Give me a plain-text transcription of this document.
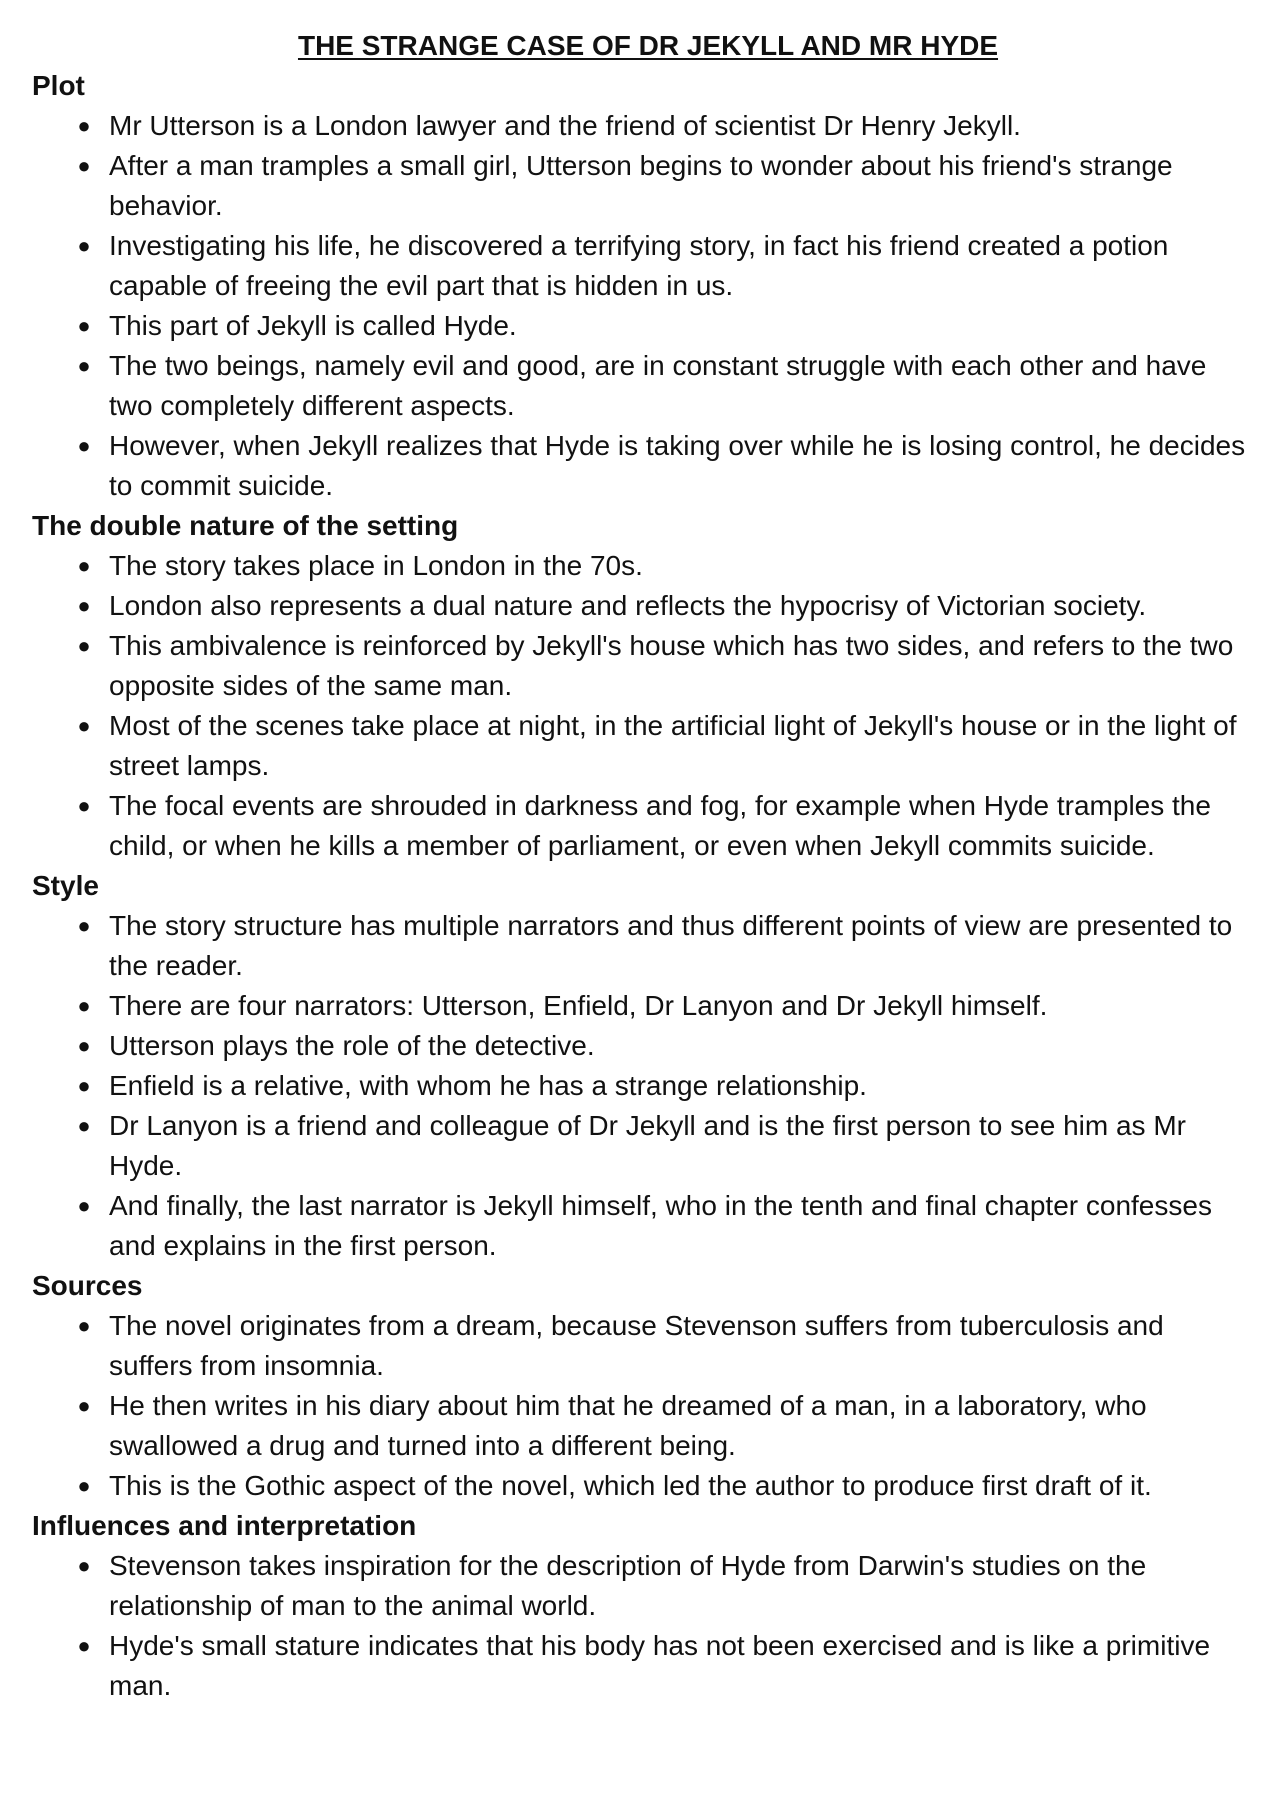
THE STRANGE CASE OF DR JEKYLL AND MR HYDE
Plot
● Mr Utterson is a London lawyer and the friend of scientist Dr Henry Jekyll.
● After a man tramples a small girl, Utterson begins to wonder about his friend's strange behavior.
● Investigating his life, he discovered a terrifying story, in fact his friend created a potion capable of freeing the evil part that is hidden in us.
● This part of Jekyll is called Hyde.
● The two beings, namely evil and good, are in constant struggle with each other and have two completely different aspects.
● However, when Jekyll realizes that Hyde is taking over while he is losing control, he decides to commit suicide.
The double nature of the setting
● The story takes place in London in the 70s.
● London also represents a dual nature and reflects the hypocrisy of Victorian society.
● This ambivalence is reinforced by Jekyll's house which has two sides, and refers to the two opposite sides of the same man.
● Most of the scenes take place at night, in the artificial light of Jekyll's house or in the light of street lamps.
● The focal events are shrouded in darkness and fog, for example when Hyde tramples the child, or when he kills a member of parliament, or even when Jekyll commits suicide.
Style
● The story structure has multiple narrators and thus different points of view are presented to the reader.
● There are four narrators: Utterson, Enfield, Dr Lanyon and Dr Jekyll himself.
● Utterson plays the role of the detective.
● Enfield is a relative, with whom he has a strange relationship.
● Dr Lanyon is a friend and colleague of Dr Jekyll and is the first person to see him as Mr Hyde.
● And finally, the last narrator is Jekyll himself, who in the tenth and final chapter confesses and explains in the first person.
Sources
● The novel originates from a dream, because Stevenson suffers from tuberculosis and suffers from insomnia.
● He then writes in his diary about him that he dreamed of a man, in a laboratory, who swallowed a drug and turned into a different being.
● This is the Gothic aspect of the novel, which led the author to produce first draft of it.
Influences and interpretation
● Stevenson takes inspiration for the description of Hyde from Darwin's studies on the relationship of man to the animal world.
● Hyde's small stature indicates that his body has not been exercised and is like a primitive man.
